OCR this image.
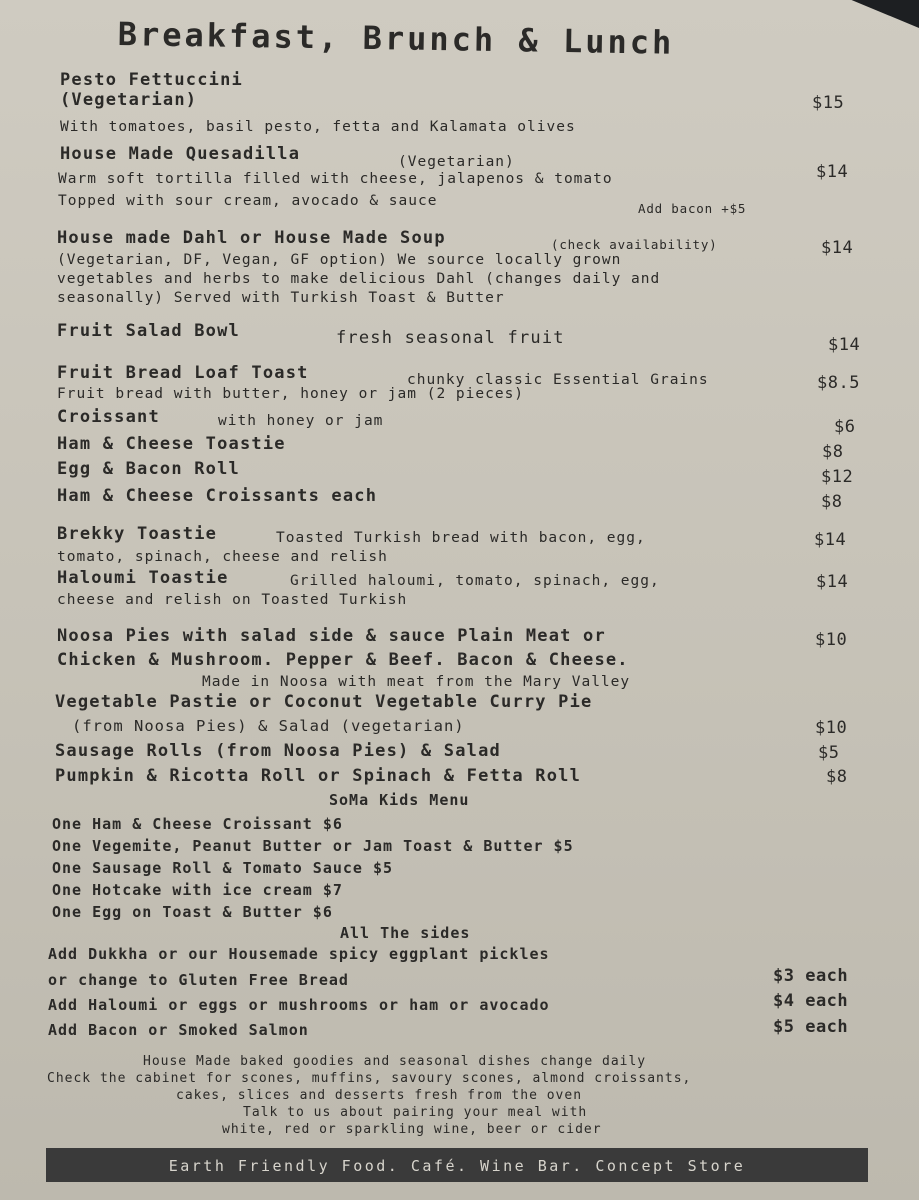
Breakfast, Brunch & Lunch
Pesto Fettuccini
(Vegetarian)
With tomatoes, basil pesto, fetta and Kalamata olives
$15
House Made Quesadilla	(Vegetarian)
Warm soft tortilla filled with cheese, jalapenos & tomato
Topped with sour cream, avocado & sauce	Add bacon +$5
$14
House made Dahl or House Made Soup	(check availability)
(Vegetarian, DF, Vegan, GF option) We source locally grown
vegetables and herbs to make delicious Dahl (changes daily and
seasonally) Served with Turkish Toast & Butter
$14
Fruit Salad Bowl	fresh seasonal fruit	$14
Fruit Bread Loaf Toast	chunky classic Essential Grains
Fruit bread with butter, honey or jam (2 pieces)
$8.5
Croissant	with honey or jam	$6
Ham & Cheese Toastie	$8
Egg & Bacon Roll	$12
Ham & Cheese Croissants each	$8
Brekky Toastie	Toasted Turkish bread with bacon, egg,
tomato, spinach, cheese and relish
$14
Haloumi Toastie	Grilled haloumi, tomato, spinach, egg,
cheese and relish on Toasted Turkish
$14
Noosa Pies with salad side & sauce Plain Meat or
Chicken & Mushroom. Pepper & Beef. Bacon & Cheese.
Made in Noosa with meat from the Mary Valley
$10
Vegetable Pastie or Coconut Vegetable Curry Pie
(from Noosa Pies) & Salad (vegetarian)	$10
Sausage Rolls (from Noosa Pies) & Salad	$5
Pumpkin & Ricotta Roll or Spinach & Fetta Roll	$8
SoMa Kids Menu
One Ham & Cheese Croissant $6
One Vegemite, Peanut Butter or Jam Toast & Butter $5
One Sausage Roll & Tomato Sauce $5
One Hotcake with ice cream $7
One Egg on Toast & Butter $6
All The sides
Add Dukkha or our Housemade spicy eggplant pickles
or change to Gluten Free Bread	$3 each
Add Haloumi or eggs or mushrooms or ham or avocado	$4 each
Add Bacon or Smoked Salmon	$5 each
House Made baked goodies and seasonal dishes change daily
Check the cabinet for scones, muffins, savoury scones, almond croissants,
cakes, slices and desserts fresh from the oven
Talk to us about pairing your meal with
white, red or sparkling wine, beer or cider
Earth Friendly Food. Café. Wine Bar. Concept Store
